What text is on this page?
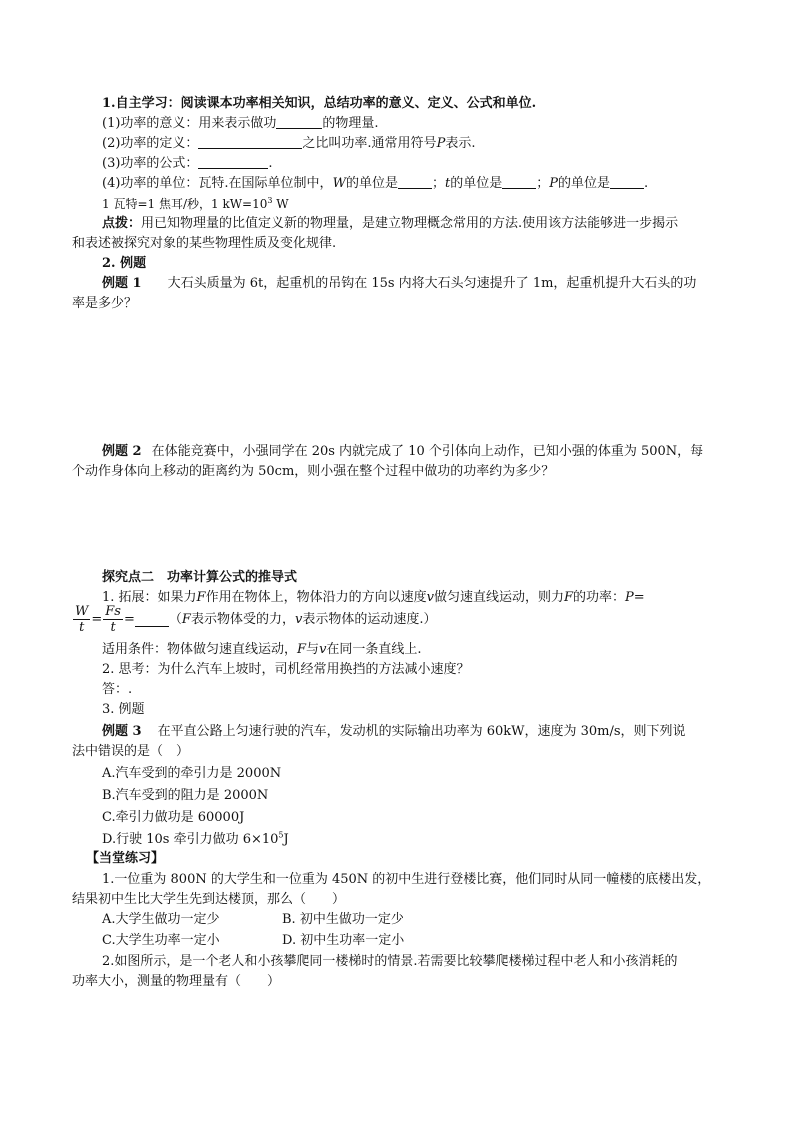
1.自主学习：阅读课本功率相关知识，总结功率的意义、定义、公式和单位.
(1)功率的意义：用来表示做功	的物理量.
(2)功率的定义：	之比叫功率.通常用符号P表示.
(3)功率的公式：	.
(4)功率的单位：瓦特.在国际单位制中，W的单位是	；t的单位是	；P的单位是	.
1 瓦特=1 焦耳/秒，1 $kW=10^3$ W
点拨：用已知物理量的比值定义新的物理量，是建立物理概念常用的方法.使用该方法能够进一步揭示
和表述被探究对象的某些物理性质及变化规律.
2. 例题
例题 1 大石头质量为 6t，起重机的吊钩在 15s 内将大石头匀速提升了 1m，起重机提升大石头的功
率是多少？
例题 2 在体能竞赛中，小强同学在 20s 内就完成了 10 个引体向上动作，已知小强的体重为 500N，每
个动作身体向上移动的距离约为 50cm，则小强在整个过程中做功的功率约为多少？
探究点二　功率计算公式的推导式
1. 拓展：如果力F作用在物体上，物体沿力的方向以速度v做匀速直线运动，则力F的功率：P=
$\frac{W}{t} = \frac{Fs}{t}$ =	（F表示物体受的力，v表示物体的运动速度.）
适用条件：物体做匀速直线运动，F与v在同一条直线上.
2. 思考：为什么汽车上坡时，司机经常用换挡的方法减小速度？
答：.
3. 例题
例题 3 在平直公路上匀速行驶的汽车，发动机的实际输出功率为 60kW，速度为 30m/s，则下列说
法中错误的是（　）
A.汽车受到的牵引力是 2000N
B.汽车受到的阻力是 2000N
C.牵引力做功是 60000J
D.行驶 10s 牵引力做功 $6\times 10^5J$
【当堂练习】
1.一位重为 800N 的大学生和一位重为 450N 的初中生进行登楼比赛，他们同时从同一幢楼的底楼出发，
结果初中生比大学生先到达楼顶，那么（　　）
A.大学生做功一定少	B. 初中生做功一定少
C.大学生功率一定小	D. 初中生功率一定小
2.如图所示，是一个老人和小孩攀爬同一楼梯时的情景.若需要比较攀爬楼梯过程中老人和小孩消耗的
功率大小，测量的物理量有（　　）
